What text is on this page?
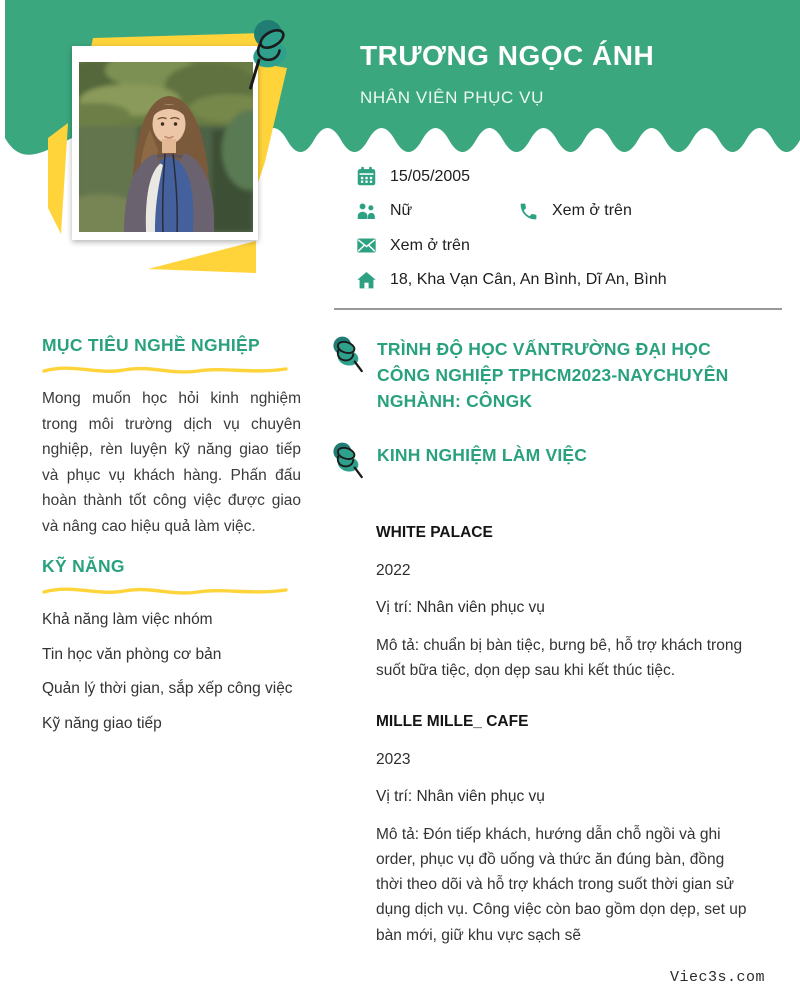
TRƯƠNG NGỌC ÁNH
NHÂN VIÊN PHỤC VỤ
15/05/2005
Nữ	Xem ở trên
Xem ở trên
18, Kha Vạn Cân, An Bình, Dĩ An, Bình
MỤC TIÊU NGHỀ NGHIỆP

Mong muốn học hỏi kinh nghiệm trong môi trường dịch vụ chuyên nghiệp, rèn luyện kỹ năng giao tiếp và phục vụ khách hàng. Phấn đấu hoàn thành tốt công việc được giao và nâng cao hiệu quả làm việc.

KỸ NĂNG
Khả năng làm việc nhóm
Tin học văn phòng cơ bản
Quản lý thời gian, sắp xếp công việc
Kỹ năng giao tiếp
TRÌNH ĐỘ HỌC VẤNTRƯỜNG ĐẠI HỌC CÔNG NGHIỆP TPHCM2023-NAYCHUYÊN NGHÀNH: CÔNGK
KINH NGHIỆM LÀM VIỆC
WHITE PALACE
2022
Vị trí: Nhân viên phục vụ

Mô tả: chuẩn bị bàn tiệc, bưng bê, hỗ trợ khách trong suốt bữa tiệc, dọn dẹp sau khi kết thúc tiệc.

MILLE MILLE_ CAFE
2023
Vị trí: Nhân viên phục vụ

Mô tả: Đón tiếp khách, hướng dẫn chỗ ngồi và ghi order, phục vụ đồ uống và thức ăn đúng bàn, đồng thời theo dõi và hỗ trợ khách trong suốt thời gian sử dụng dịch vụ. Công việc còn bao gồm dọn dẹp, set up bàn mới, giữ khu vực sạch sẽ

Viec3s.com
